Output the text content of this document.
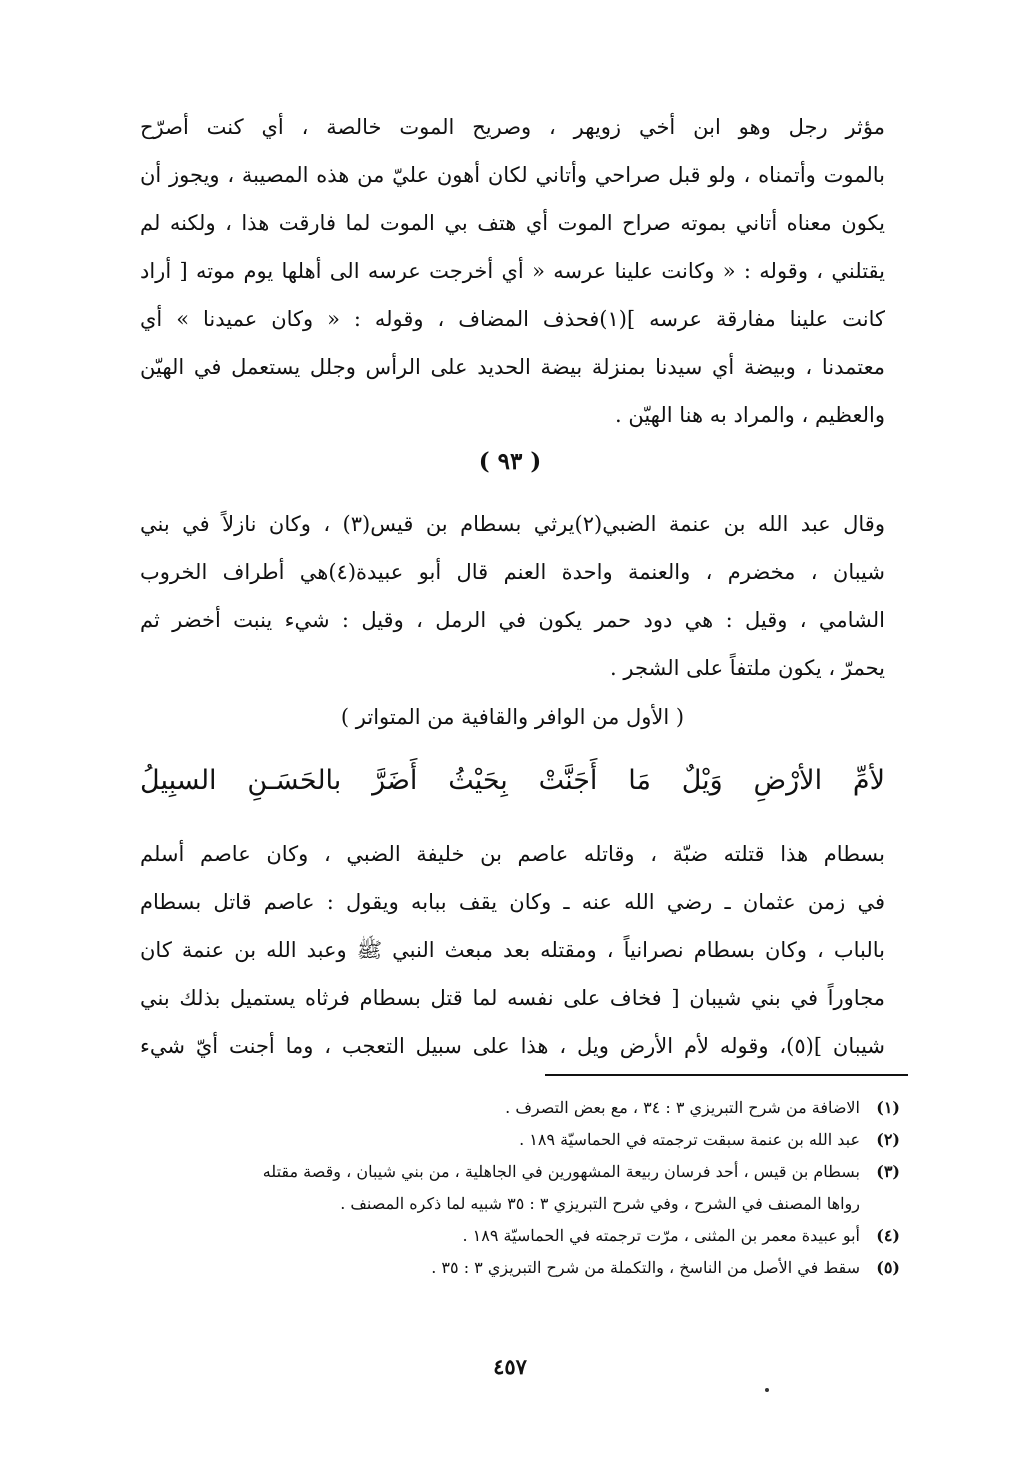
مؤثر رجل وهو ابن أخي زويهر ، وصريح الموت خالصة ، أي كنت أصرّح
بالموت وأتمناه ، ولو قبل صراحي وأتاني لكان أهون عليّ من هذه المصيبة ، ويجوز أن
يكون معناه أتاني بموته صراح الموت أي هتف بي الموت لما فارقت هذا ، ولكنه لم
يقتلني ، وقوله : « وكانت علينا عرسه « أي أخرجت عرسه الى أهلها يوم موته [ أراد
كانت علينا مفارقة عرسه ](١)فحذف المضاف ، وقوله : « وكان عميدنا » أي
معتمدنا ، وبيضة أي سيدنا بمنزلة بيضة الحديد على الرأس وجلل يستعمل في الهيّن
والعظيم ، والمراد به هنا الهيّن .
( ٩٣ )
وقال عبد الله بن عنمة الضبي(٢)يرثي بسطام بن قيس(٣) ، وكان نازلاً في بني
شيبان ، مخضرم ، والعنمة واحدة العنم قال أبو عبيدة(٤)هي أطراف الخروب
الشامي ، وقيل : هي دود حمر يكون في الرمل ، وقيل : شيء ينبت أخضر ثم
يحمرّ ، يكون ملتفاً على الشجر .
( الأول من الوافر والقافية من المتواتر )
لأمِّ
الأرْضِ
وَيْلٌ
مَا
أَجَنَّتْ
بِحَيْثُ
أَضَرَّ
بالحَسَـنِ
السبِيلُ
بسطام هذا قتلته ضبّة ، وقاتله عاصم بن خليفة الضبي ، وكان عاصم أسلم
في زمن عثمان ـ رضي الله عنه ـ وكان يقف ببابه ويقول : عاصم قاتل بسطام
بالباب ، وكان بسطام نصرانياً ، ومقتله بعد مبعث النبي ﷺ وعبد الله بن عنمة كان
مجاوراً في بني شيبان [ فخاف على نفسه لما قتل بسطام فرثاه يستميل بذلك بني
شيبان ](٥)، وقوله لأم الأرض ويل ، هذا على سبيل التعجب ، وما أجنت أيّ شيء
(١)
الاضافة من شرح التبريزي ٣ : ٣٤ ، مع بعض التصرف .
(٢)
عبد الله بن عنمة سبقت ترجمته في الحماسيّة ١٨٩ .
(٣)
بسطام بن قيس ، أحد فرسان ربيعة المشهورين في الجاهلية ، من بني شيبان ، وقصة مقتله
رواها المصنف في الشرح ، وفي شرح التبريزي ٣ : ٣٥ شبيه لما ذكره المصنف .
(٤)
أبو عبيدة معمر بن المثنى ، مرّت ترجمته في الحماسيّة ١٨٩ .
(٥)
سقط في الأصل من الناسخ ، والتكملة من شرح التبريزي ٣ : ٣٥ .
٤٥٧
